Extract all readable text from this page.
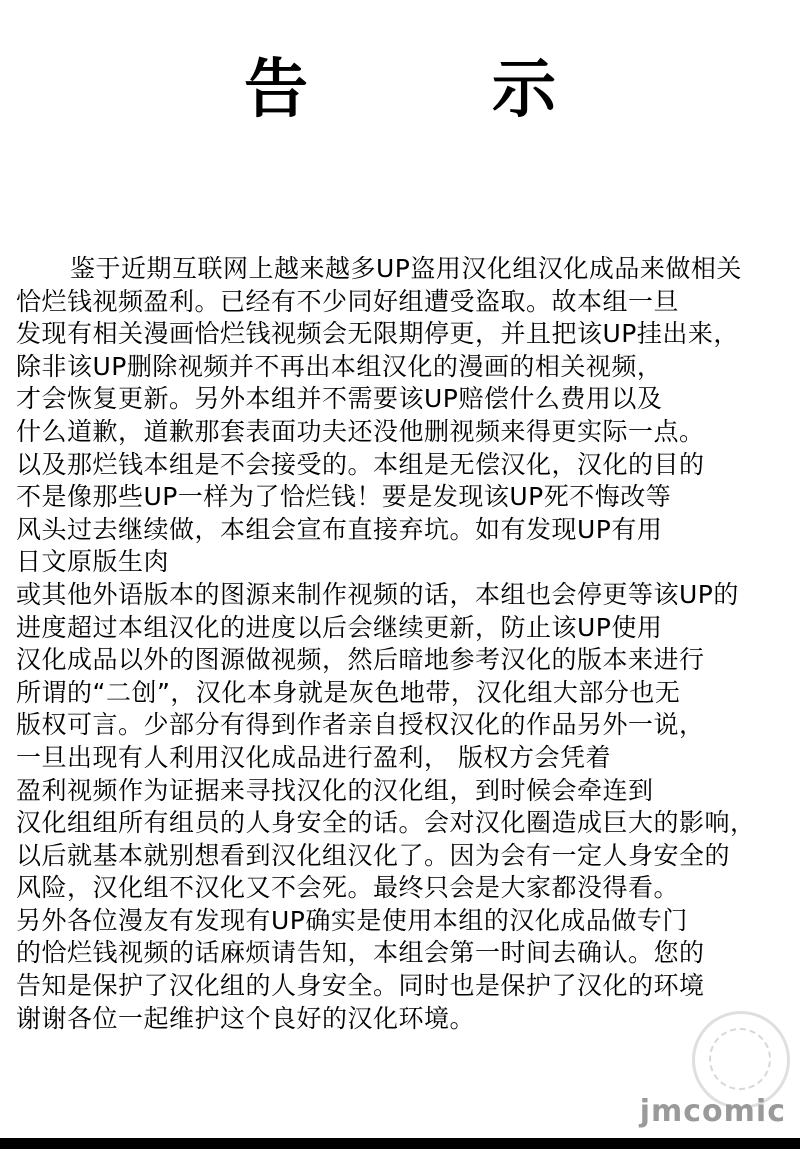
告　示
鉴于近期互联网上越来越多UP盗用汉化组汉化成品来做相关
恰烂钱视频盈利。已经有不少同好组遭受盗取。故本组一旦
发现有相关漫画恰烂钱视频会无限期停更，并且把该UP挂出来，
除非该UP删除视频并不再出本组汉化的漫画的相关视频，
才会恢复更新。另外本组并不需要该UP赔偿什么费用以及
什么道歉，道歉那套表面功夫还没他删视频来得更实际一点。
以及那烂钱本组是不会接受的。本组是无偿汉化，汉化的目的
不是像那些UP一样为了恰烂钱！要是发现该UP死不悔改等
风头过去继续做，本组会宣布直接弃坑。如有发现UP有用
日文原版生肉
或其他外语版本的图源来制作视频的话，本组也会停更等该UP的
进度超过本组汉化的进度以后会继续更新，防止该UP使用
汉化成品以外的图源做视频，然后暗地参考汉化的版本来进行
所谓的“二创”，汉化本身就是灰色地带，汉化组大部分也无
版权可言。少部分有得到作者亲自授权汉化的作品另外一说，
一旦出现有人利用汉化成品进行盈利， 版权方会凭着
盈利视频作为证据来寻找汉化的汉化组，到时候会牵连到
汉化组组所有组员的人身安全的话。会对汉化圈造成巨大的影响，
以后就基本就别想看到汉化组汉化了。因为会有一定人身安全的
风险，汉化组不汉化又不会死。最终只会是大家都没得看。
另外各位漫友有发现有UP确实是使用本组的汉化成品做专门
的恰烂钱视频的话麻烦请告知，本组会第一时间去确认。您的
告知是保护了汉化组的人身安全。同时也是保护了汉化的环境
谢谢各位一起维护这个良好的汉化环境。
jmcomic
